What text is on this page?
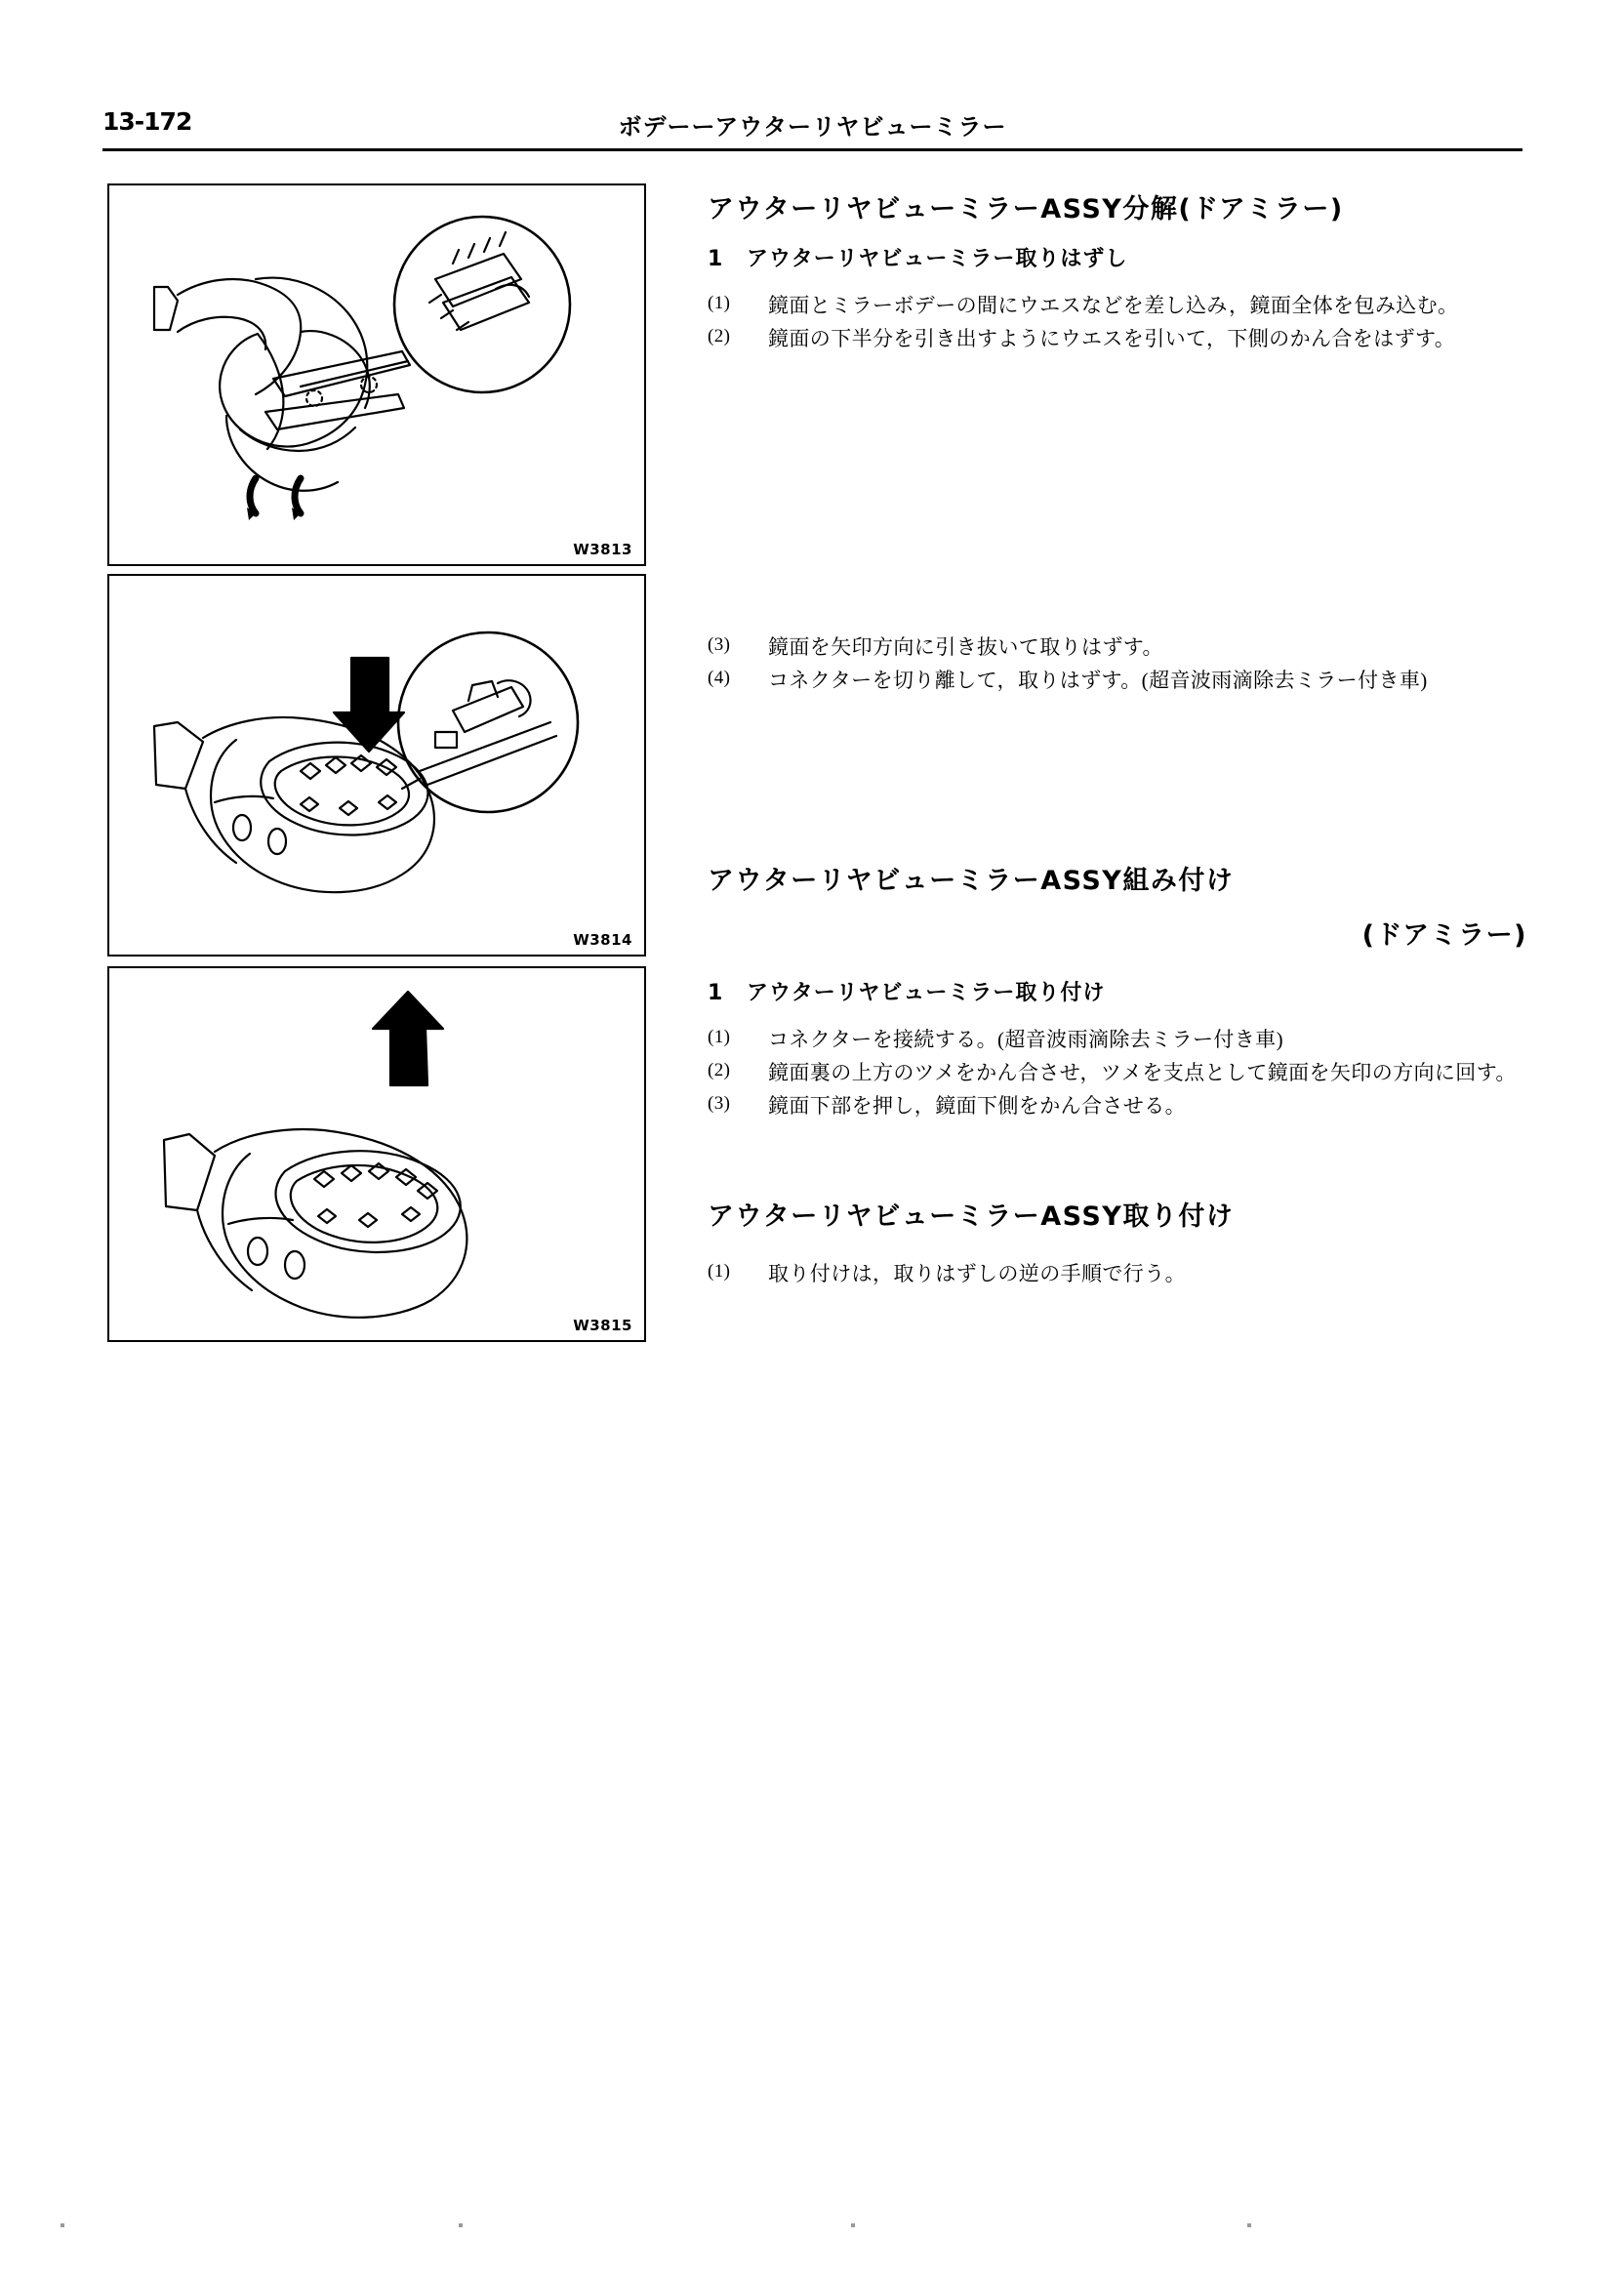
13-172	ボデーーアウターリヤビューミラー
W3813
W3814
W3815
アウターリヤビューミラーASSY分解(ドアミラー)
1 アウターリヤビューミラー取りはずし
(1)	鏡面とミラーボデーの間にウエスなどを差し込み，鏡面全体を包み込む。
(2)	鏡面の下半分を引き出すようにウエスを引いて，下側のかん合をはずす。
(3)	鏡面を矢印方向に引き抜いて取りはずす。
(4)	コネクターを切り離して，取りはずす。(超音波雨滴除去ミラー付き車)
アウターリヤビューミラーASSY組み付け
(ドアミラー)
1 アウターリヤビューミラー取り付け
(1)	コネクターを接続する。(超音波雨滴除去ミラー付き車)
(2)	鏡面裏の上方のツメをかん合させ，ツメを支点として鏡面を矢印の方向に回す。
(3)	鏡面下部を押し，鏡面下側をかん合させる。
アウターリヤビューミラーASSY取り付け
(1)	取り付けは，取りはずしの逆の手順で行う。
